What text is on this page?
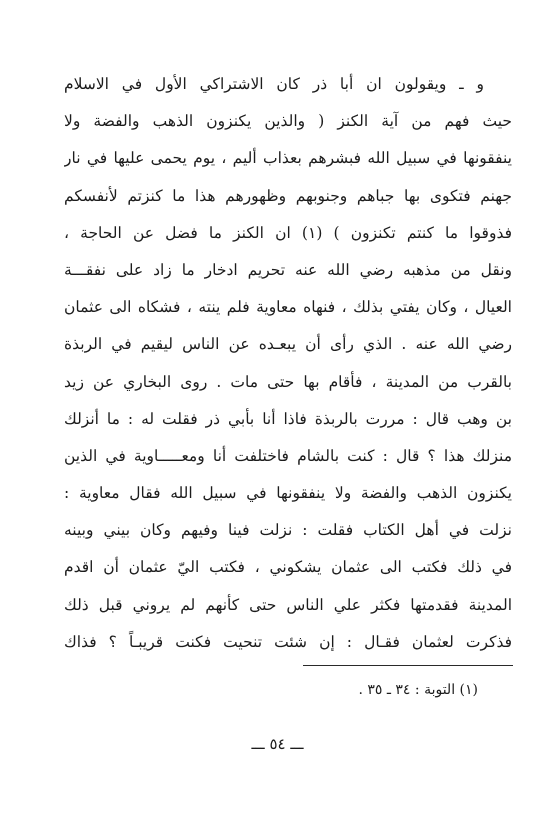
و ـ ويقولون ان أبا ذر كان الاشتراكي الأول في الاسلام
حيث فهم من آية الكنز ( والذين يكنزون الذهب والفضة ولا
ينفقونها في سبيل الله فبشرهم بعذاب أليم ، يوم يحمى عليها في نار
جهنم فتكوى بها جباهم وجنوبهم وظهورهم هذا ما كنزتم لأنفسكم
فذوقوا ما كنتم تكنزون ) (١) ان الكنز ما فضل عن الحاجة ،
ونقل من مذهبه رضي الله عنه تحريم ادخار ما زاد على نفقـــة
العيال ، وكان يفتي بذلك ، فنهاه معاوية فلم ينته ، فشكاه الى عثمان
رضي الله عنه . الذي رأى أن يبعـده عن الناس ليقيم في الربذة
بالقرب من المدينة ، فأقام بها حتى مات . روى البخاري عن زيد
بن وهب قال : مررت بالربذة فاذا أنا بأبي ذر فقلت له : ما أنزلك
منزلك هذا ؟ قال : كنت بالشام فاختلفت أنا ومعـــــاوية في الذين
يكنزون الذهب والفضة ولا ينفقونها في سبيل الله فقال معاوية :
نزلت في أهل الكتاب فقلت : نزلت فينا وفيهم وكان بيني وبينه
في ذلك فكتب الى عثمان يشكوني ، فكتب اليّ عثمان أن اقدم
المدينة فقدمتها فكثر علي الناس حتى كأنهم لم يروني قبل ذلك
فذكرت لعثمان فقـال : إن شئت تنحيت فكنت قريبـاً ؟ فذاك
(١) التوبة : ٣٤ ـ ٣٥ .
ـــ ٥٤ ـــ
